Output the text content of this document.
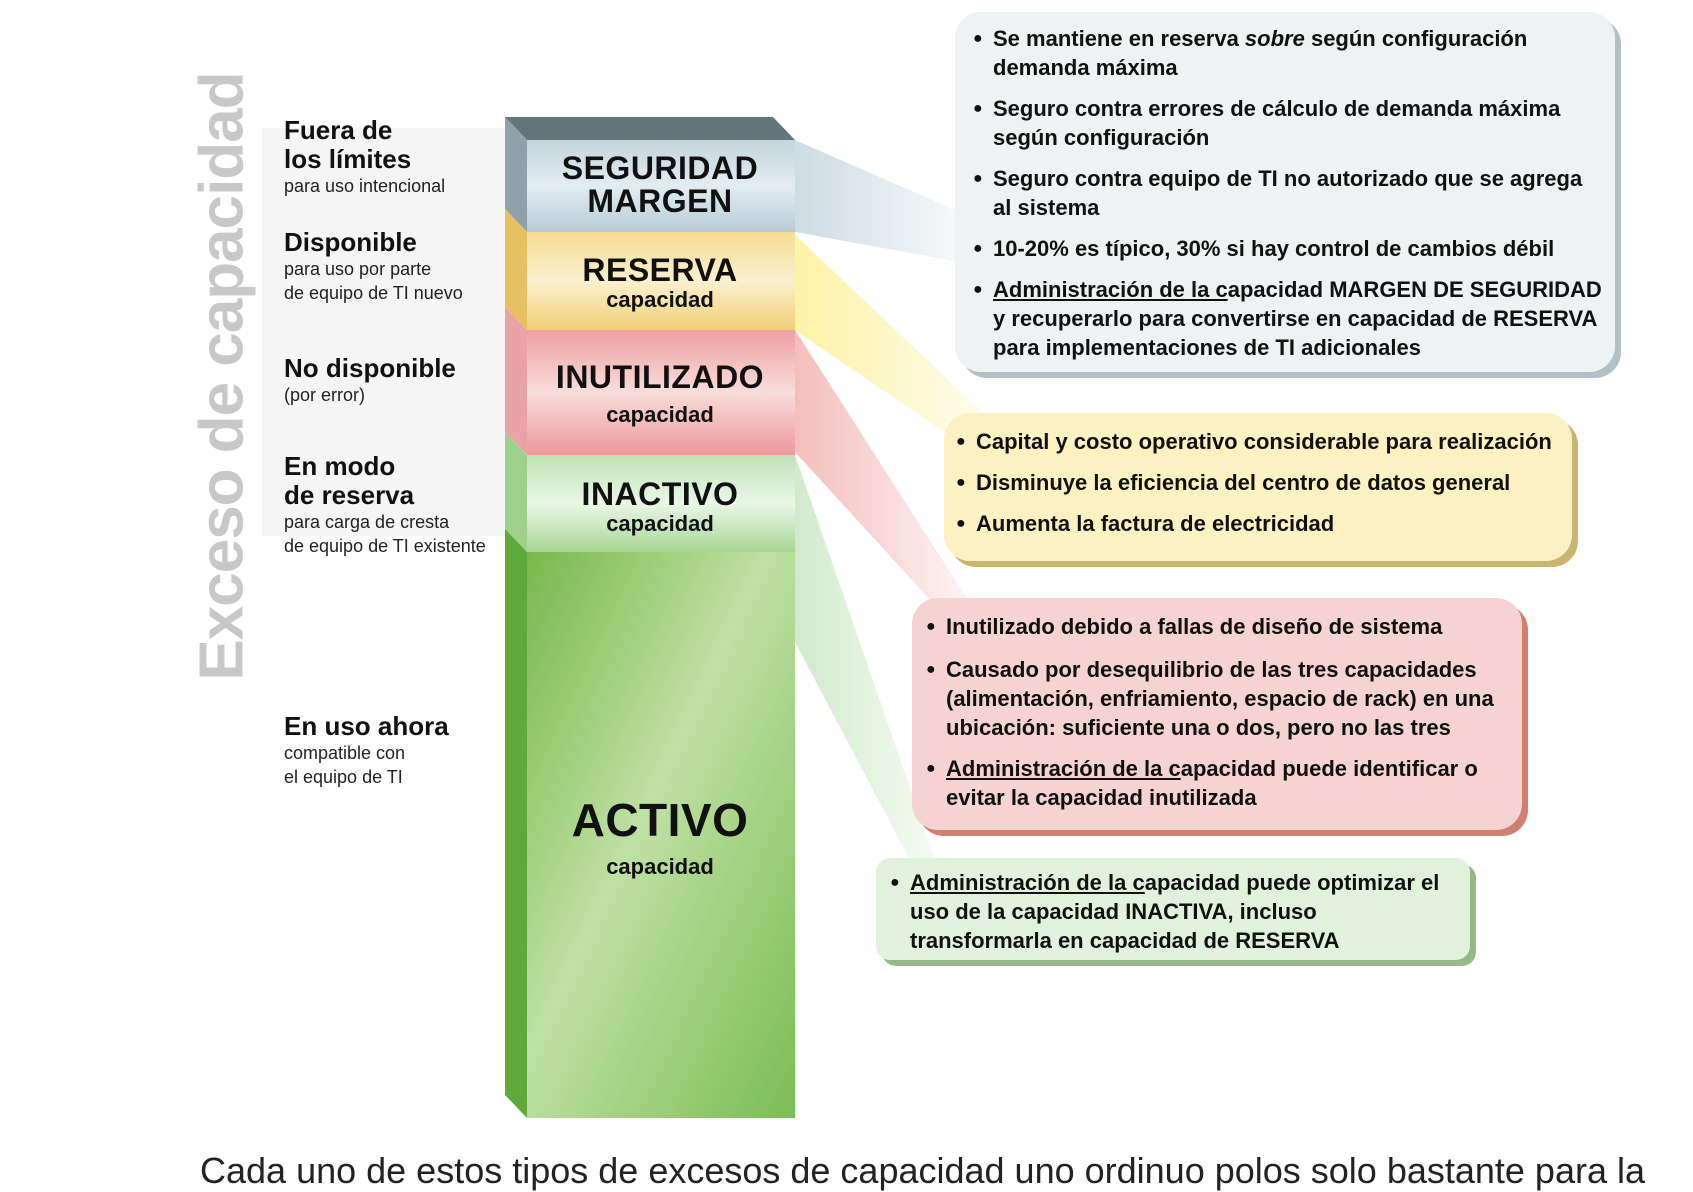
Exceso de capacidad Fuera de
los límites
para uso intencional
Disponible
para uso por parte
de equipo de TI nuevo
No disponible
(por error)
En modo
de reserva
para carga de cresta
de equipo de TI existente
En uso ahora
compatible con
el equipo de TI
SEGURIDAD
MARGEN
RESERVA
capacidad
INUTILIZADO
capacidad
INACTIVO
capacidad
ACTIVO
capacidad
● Se mantiene en reserva sobre según configuración demanda máxima
● Seguro contra errores de cálculo de demanda máxima según configuración
● Seguro contra equipo de TI no autorizado que se agrega al sistema
● 10-20% es típico, 30% si hay control de cambios débil
● Administración de la capacidad MARGEN DE SEGURIDAD y recuperarlo para convertirse en capacidad de RESERVA para implementaciones de TI adicionales
● Capital y costo operativo considerable para realización
● Disminuye la eficiencia del centro de datos general
● Aumenta la factura de electricidad
● Inutilizado debido a fallas de diseño de sistema
● Causado por desequilibrio de las tres capacidades (alimentación, enfriamiento, espacio de rack) en una ubicación: suficiente una o dos, pero no las tres
● Administración de la capacidad puede identificar o evitar la capacidad inutilizada
● Administración de la capacidad puede optimizar el uso de la capacidad INACTIVA, incluso transformarla en capacidad de RESERVA
Cada uno de estos tipos de excesos de capacidad uno ordinuo polos solo bastante para la
